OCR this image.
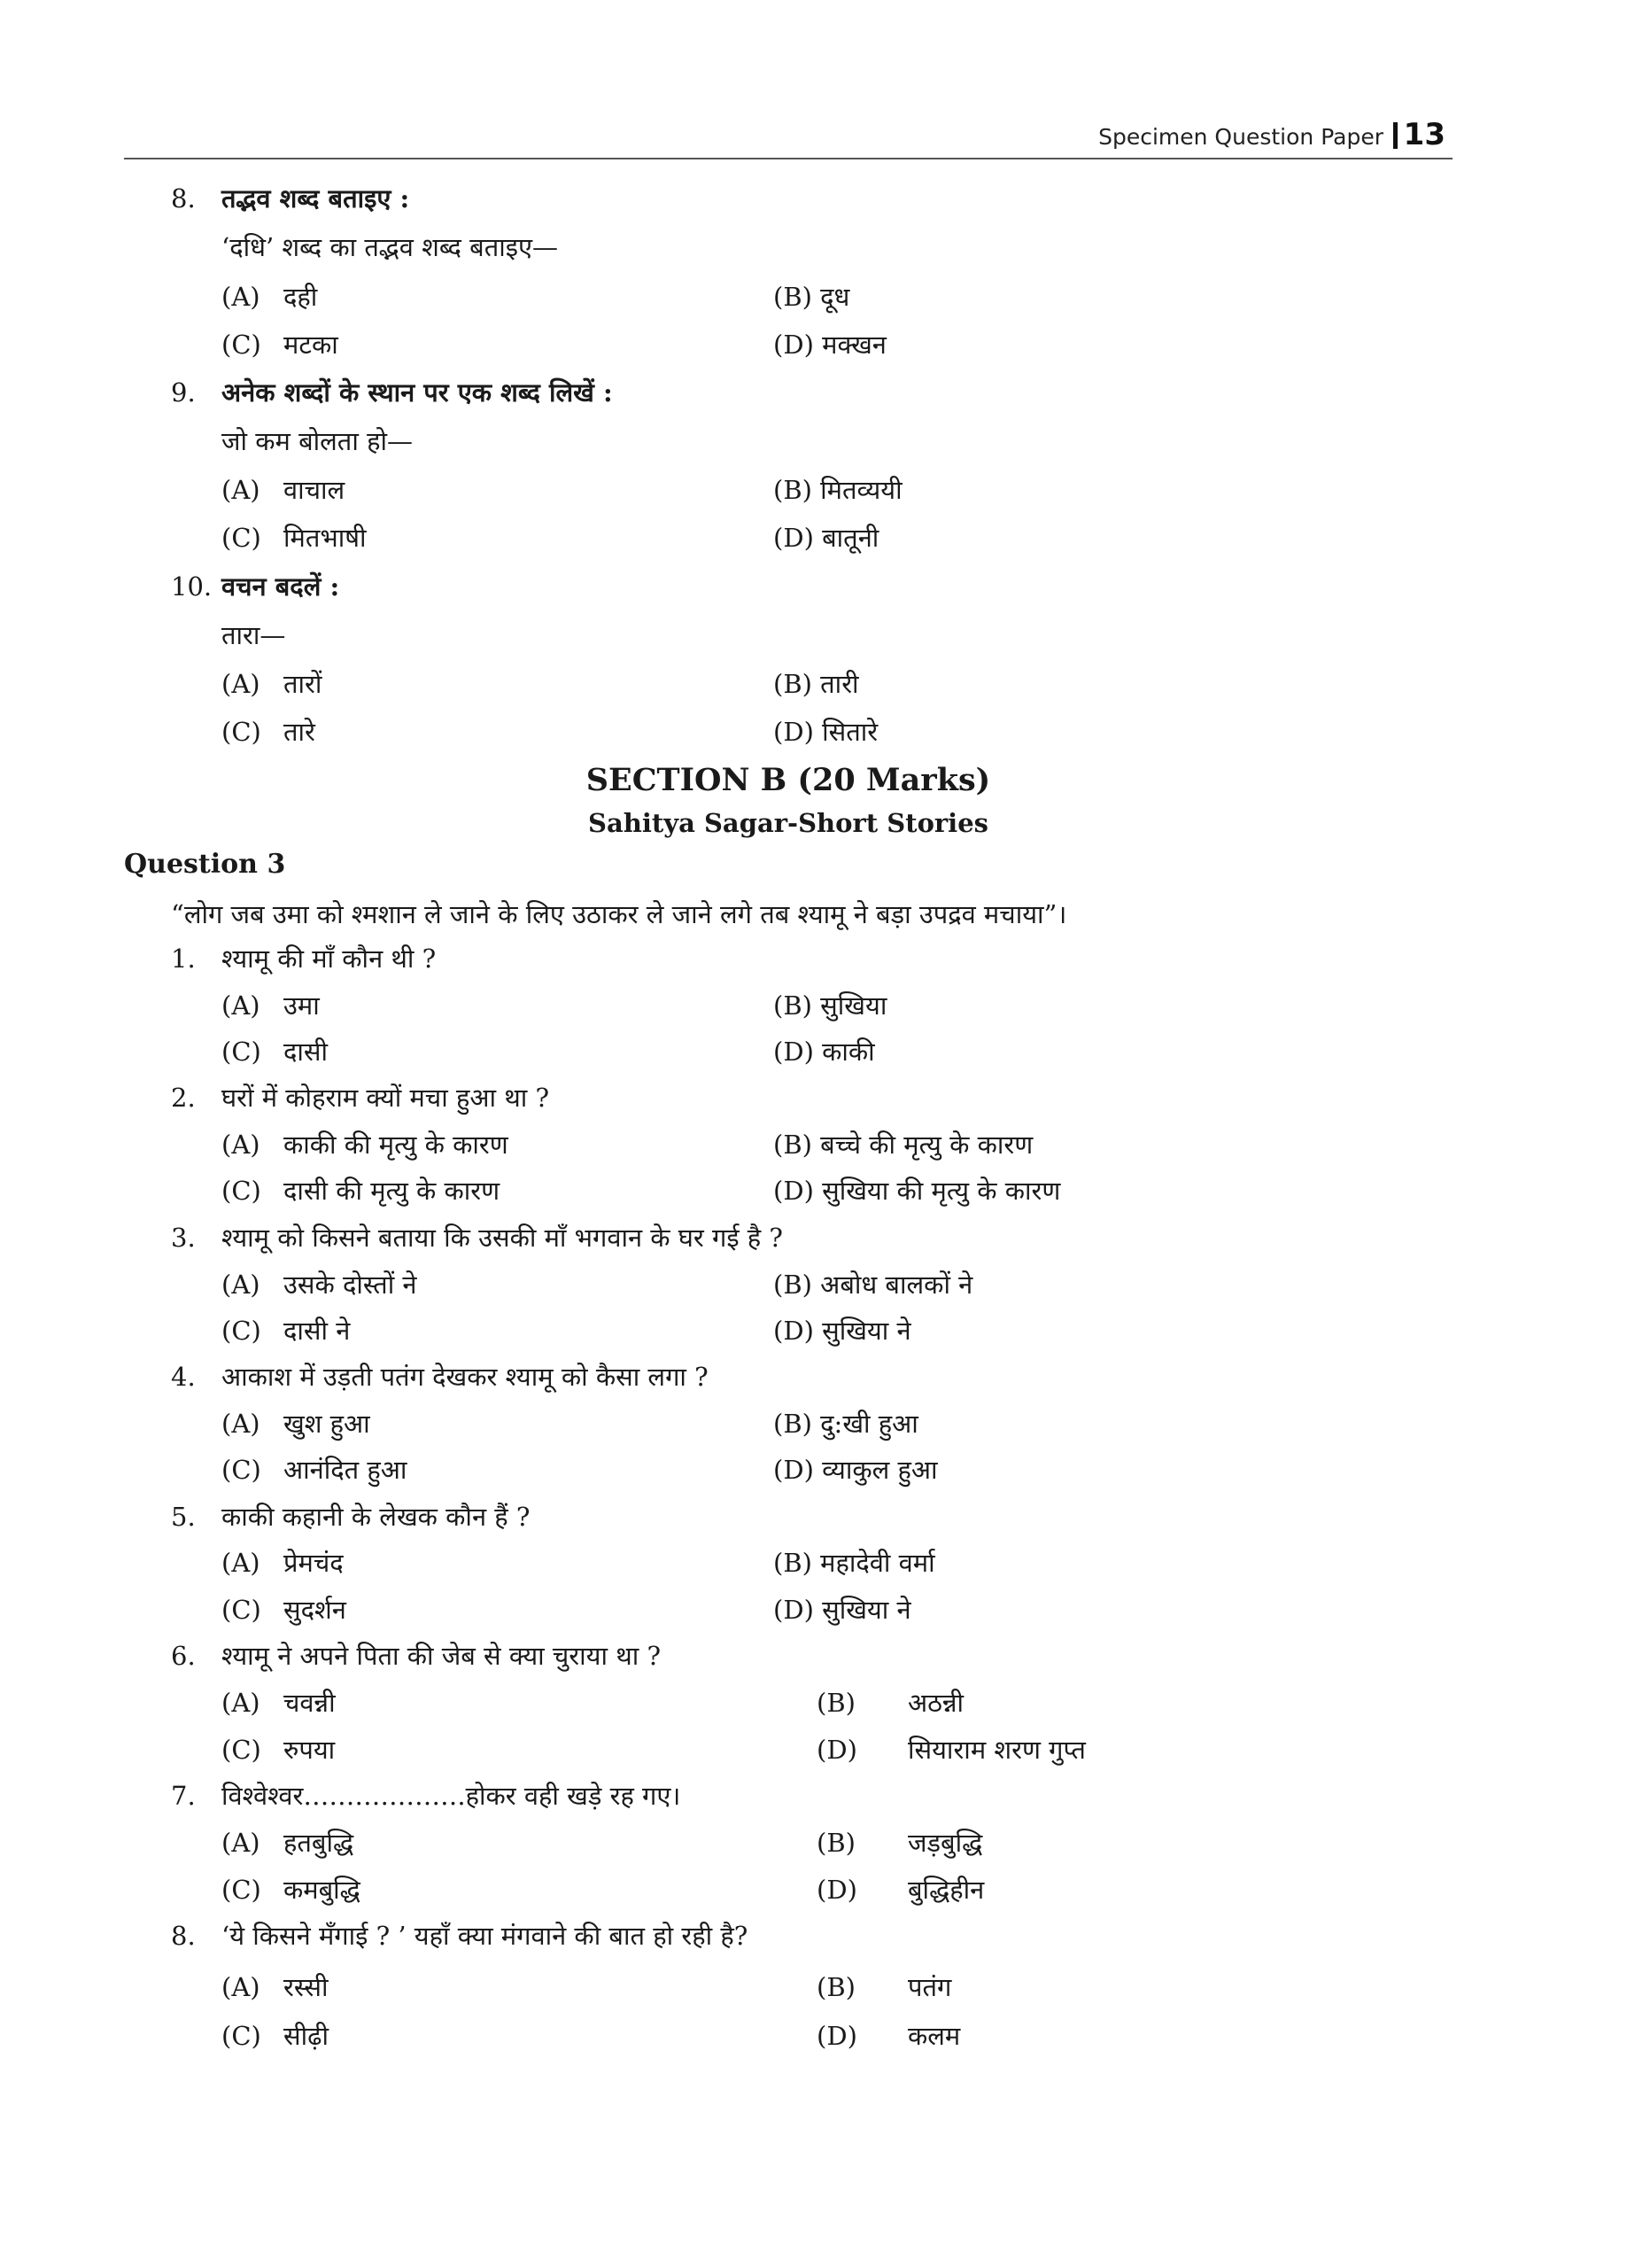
Specimen Question Paper 13
8. तद्भव शब्द बताइए :
‘दधि’ शब्द का तद्भव शब्द बताइए—
(A) दही	(B) दूध
(C) मटका	(D) मक्खन
9. अनेक शब्दों के स्थान पर एक शब्द लिखें :
जो कम बोलता हो—
(A) वाचाल	(B) मितव्ययी
(C) मितभाषी	(D) बातूनी
10. वचन बदलें :
तारा—
(A) तारों	(B) तारी
(C) तारे	(D) सितारे
SECTION B (20 Marks)
Sahitya Sagar-Short Stories
Question 3
“लोग जब उमा को श्मशान ले जाने के लिए उठाकर ले जाने लगे तब श्यामू ने बड़ा उपद्रव मचाया”।
1. श्यामू की माँ कौन थी ?
(A) उमा	(B) सुखिया
(C) दासी	(D) काकी
2. घरों में कोहराम क्यों मचा हुआ था ?
(A) काकी की मृत्यु के कारण	(B) बच्चे की मृत्यु के कारण
(C) दासी की मृत्यु के कारण	(D) सुखिया की मृत्यु के कारण
3. श्यामू को किसने बताया कि उसकी माँ भगवान के घर गई है ?
(A) उसके दोस्तों ने	(B) अबोध बालकों ने
(C) दासी ने	(D) सुखिया ने
4. आकाश में उड़ती पतंग देखकर श्यामू को कैसा लगा ?
(A) खुश हुआ	(B) दु:खी हुआ
(C) आनंदित हुआ	(D) व्याकुल हुआ
5. काकी कहानी के लेखक कौन हैं ?
(A) प्रेमचंद	(B) महादेवी वर्मा
(C) सुदर्शन	(D) सुखिया ने
6. श्यामू ने अपने पिता की जेब से क्या चुराया था ?
(A) चवन्नी	(B) अठन्नी
(C) रुपया	(D) सियाराम शरण गुप्त
7. विश्वेश्वर……………….होकर वही खड़े रह गए।
(A) हतबुद्धि	(B) जड़बुद्धि
(C) कमबुद्धि	(D) बुद्धिहीन
8. ‘ये किसने मँगाई ? ’ यहाँ क्या मंगवाने की बात हो रही है?
(A) रस्सी	(B) पतंग
(C) सीढ़ी	(D) कलम
